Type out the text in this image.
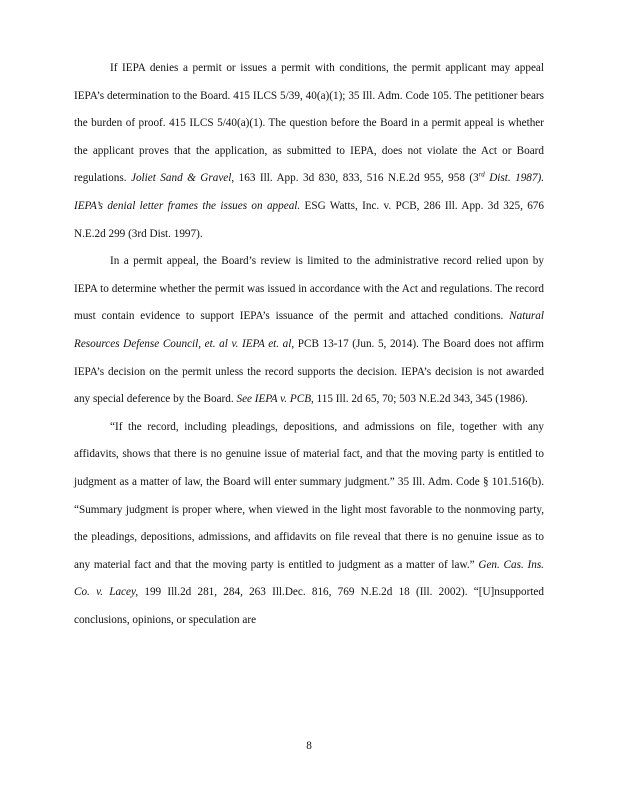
If IEPA denies a permit or issues a permit with conditions, the permit applicant may appeal IEPA’s determination to the Board. 415 ILCS 5/39, 40(a)(1); 35 Ill. Adm. Code 105. The petitioner bears the burden of proof. 415 ILCS 5/40(a)(1). The question before the Board in a permit appeal is whether the applicant proves that the application, as submitted to IEPA, does not violate the Act or Board regulations. Joliet Sand & Gravel, 163 Ill. App. 3d 830, 833, 516 N.E.2d 955, 958 (3rd Dist. 1987). IEPA’s denial letter frames the issues on appeal. ESG Watts, Inc. v. PCB, 286 Ill. App. 3d 325, 676 N.E.2d 299 (3rd Dist. 1997).

In a permit appeal, the Board’s review is limited to the administrative record relied upon by IEPA to determine whether the permit was issued in accordance with the Act and regulations. The record must contain evidence to support IEPA’s issuance of the permit and attached conditions. Natural Resources Defense Council, et. al v. IEPA et. al, PCB 13-17 (Jun. 5, 2014). The Board does not affirm IEPA’s decision on the permit unless the record supports the decision. IEPA’s decision is not awarded any special deference by the Board. See IEPA v. PCB, 115 Ill. 2d 65, 70; 503 N.E.2d 343, 345 (1986).

“If the record, including pleadings, depositions, and admissions on file, together with any affidavits, shows that there is no genuine issue of material fact, and that the moving party is entitled to judgment as a matter of law, the Board will enter summary judgment.” 35 Ill. Adm. Code § 101.516(b). “Summary judgment is proper where, when viewed in the light most favorable to the nonmoving party, the pleadings, depositions, admissions, and affidavits on file reveal that there is no genuine issue as to any material fact and that the moving party is entitled to judgment as a matter of law.” Gen. Cas. Ins. Co. v. Lacey, 199 Ill.2d 281, 284, 263 Ill.Dec. 816, 769 N.E.2d 18 (Ill. 2002). “[U]nsupported conclusions, opinions, or speculation are

8
